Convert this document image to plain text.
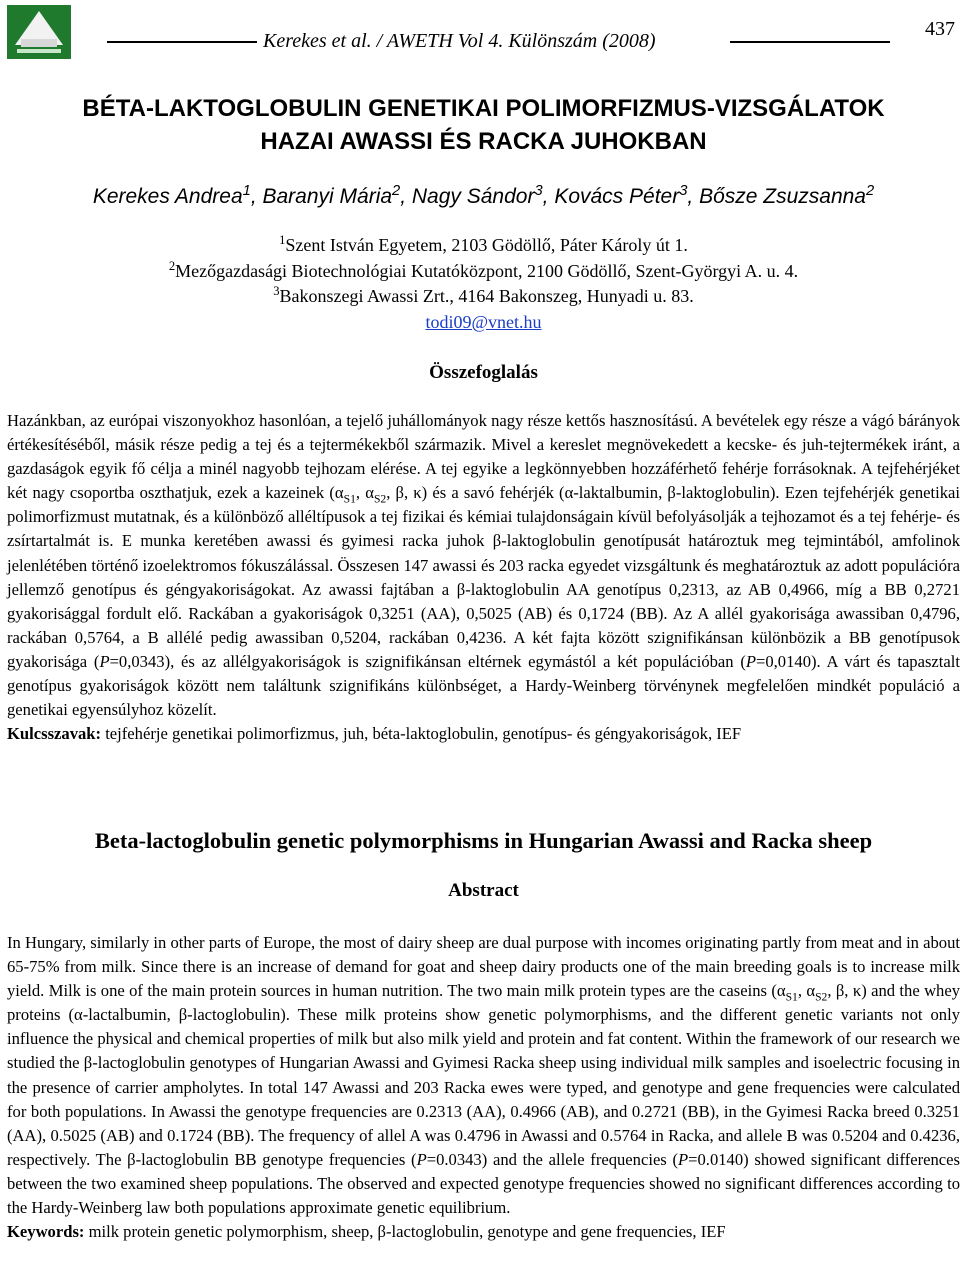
Kerekes et al. / AWETH Vol 4. Különszám (2008)
437
BÉTA-LAKTOGLOBULIN GENETIKAI POLIMORFIZMUS-VIZSGÁLATOK
HAZAI AWASSI ÉS RACKA JUHOKBAN
Kerekes Andrea$^1$, Baranyi Mária$^2$, Nagy Sándor$^3$, Kovács Péter$^3$, Bősze Zsuzsanna$^2$
$^1$Szent István Egyetem, 2103 Gödöllő, Páter Károly út 1.
$^2$Mezőgazdasági Biotechnológiai Kutatóközpont, 2100 Gödöllő, Szent-Györgyi A. u. 4.
$^3$Bakonszegi Awassi Zrt., 4164 Bakonszeg, Hunyadi u. 83.
todi09@vnet.hu
Összefoglalás
Hazánkban, az európai viszonyokhoz hasonlóan, a tejelő juhállományok nagy része kettős hasznosítású. A bevételek egy része a vágó bárányok értékesítéséből, másik része pedig a tej és a tejtermékekből származik. Mivel a kereslet megnövekedett a kecske- és juh-tejtermékek iránt, a gazdaságok egyik fő célja a minél nagyobb tejhozam elérése. A tej egyike a legkönnyebben hozzáférhető fehérje forrásoknak. A tejfehérjéket két nagy csoportba oszthatjuk, ezek a kazeinek ($\alpha_{S1}$, $\alpha_{S2}$, β, κ) és a savó fehérjék (α-laktalbumin, β-laktoglobulin). Ezen tejfehérjék genetikai polimorfizmust mutatnak, és a különböző alléltípusok a tej fizikai és kémiai tulajdonságain kívül befolyásolják a tejhozamot és a tej fehérje- és zsírtartalmát is. E munka keretében awassi és gyimesi racka juhok β-laktoglobulin genotípusát határoztuk meg tejmintából, amfolinok jelenlétében történő izoelektromos fókuszálással. Összesen 147 awassi és 203 racka egyedet vizsgáltunk és meghatároztuk az adott populációra jellemző genotípus és géngyakoriságokat. Az awassi fajtában a β-laktoglobulin AA genotípus 0,2313, az AB 0,4966, míg a BB 0,2721 gyakorisággal fordult elő. Rackában a gyakoriságok 0,3251 (AA), 0,5025 (AB) és 0,1724 (BB). Az A allél gyakorisága awassiban 0,4796, rackában 0,5764, a B allélé pedig awassiban 0,5204, rackában 0,4236. A két fajta között szignifikánsan különbözik a BB genotípusok gyakorisága (P=0,0343), és az allélgyakoriságok is szignifikánsan eltérnek egymástól a két populációban (P=0,0140). A várt és tapasztalt genotípus gyakoriságok között nem találtunk szignifikáns különbséget, a Hardy-Weinberg törvénynek megfelelően mindkét populáció a genetikai egyensúlyhoz közelít.
Kulcsszavak: tejfehérje genetikai polimorfizmus, juh, béta-laktoglobulin, genotípus- és géngyakoriságok, IEF
Beta-lactoglobulin genetic polymorphisms in Hungarian Awassi and Racka sheep
Abstract
In Hungary, similarly in other parts of Europe, the most of dairy sheep are dual purpose with incomes originating partly from meat and in about 65-75% from milk. Since there is an increase of demand for goat and sheep dairy products one of the main breeding goals is to increase milk yield. Milk is one of the main protein sources in human nutrition. The two main milk protein types are the caseins ($\alpha_{S1}$, $\alpha_{S2}$, β, κ) and the whey proteins (α-lactalbumin, β-lactoglobulin). These milk proteins show genetic polymorphisms, and the different genetic variants not only influence the physical and chemical properties of milk but also milk yield and protein and fat content. Within the framework of our research we studied the β-lactoglobulin genotypes of Hungarian Awassi and Gyimesi Racka sheep using individual milk samples and isoelectric focusing in the presence of carrier ampholytes. In total 147 Awassi and 203 Racka ewes were typed, and genotype and gene frequencies were calculated for both populations. In Awassi the genotype frequencies are 0.2313 (AA), 0.4966 (AB), and 0.2721 (BB), in the Gyimesi Racka breed 0.3251 (AA), 0.5025 (AB) and 0.1724 (BB). The frequency of allel A was 0.4796 in Awassi and 0.5764 in Racka, and allele B was 0.5204 and 0.4236, respectively. The β-lactoglobulin BB genotype frequencies (P=0.0343) and the allele frequencies (P=0.0140) showed significant differences between the two examined sheep populations. The observed and expected genotype frequencies showed no significant differences according to the Hardy-Weinberg law both populations approximate genetic equilibrium.
Keywords: milk protein genetic polymorphism, sheep, β-lactoglobulin, genotype and gene frequencies, IEF
